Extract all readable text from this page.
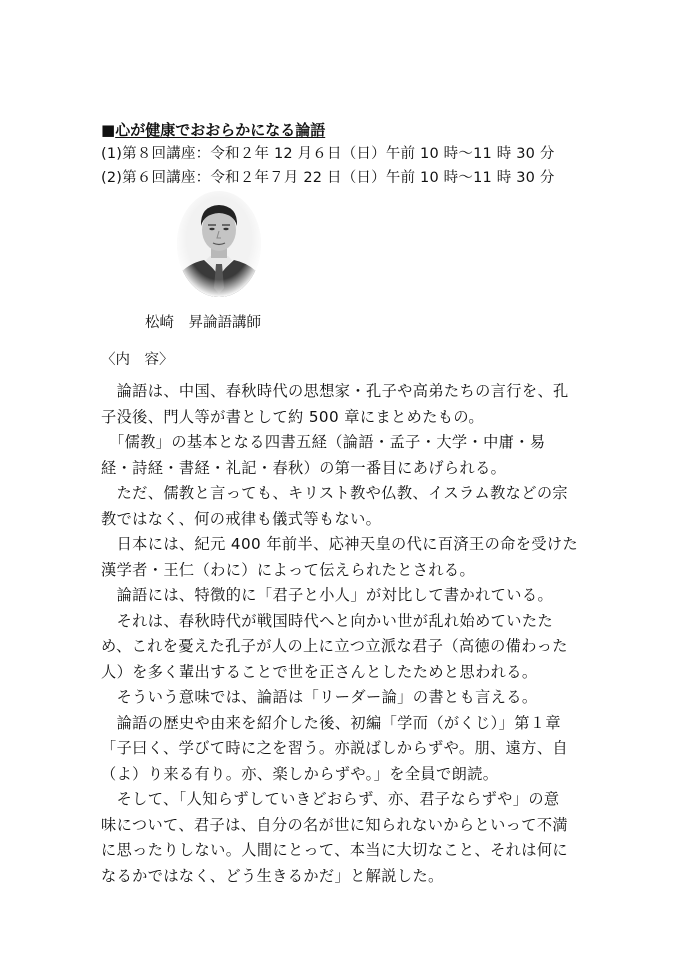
■心が健康でおおらかになる論語
(1)第８回講座：令和２年 12 月６日（日）午前 10 時～11 時 30 分
(2)第６回講座：令和２年７月 22 日（日）午前 10 時～11 時 30 分
松崎　昇論語講師
〈内　容〉
　論語は、中国、春秋時代の思想家・孔子や高弟たちの言行を、孔
子没後、門人等が書として約 500 章にまとめたもの。
　「儒教」の基本となる四書五経（論語・孟子・大学・中庸・易
経・詩経・書経・礼記・春秋）の第一番目にあげられる。
　ただ、儒教と言っても、キリスト教や仏教、イスラム教などの宗
教ではなく、何の戒律も儀式等もない。
　日本には、紀元 400 年前半、応神天皇の代に百済王の命を受けた
漢学者・王仁（わに）によって伝えられたとされる。
　論語には、特徴的に「君子と小人」が対比して書かれている。
　それは、春秋時代が戦国時代へと向かい世が乱れ始めていたた
め、これを憂えた孔子が人の上に立つ立派な君子（高徳の備わった
人）を多く輩出することで世を正さんとしたためと思われる。
　そういう意味では、論語は「リーダー論」の書とも言える。
　論語の歴史や由来を紹介した後、初編「学而（がくじ）」第１章
「子曰く、学びて時に之を習う。亦説ばしからずや。朋、遠方、自
（よ）り来る有り。亦、楽しからずや。」を全員で朗読。
　そして、「人知らずしていきどおらず、亦、君子ならずや」の意
味について、君子は、自分の名が世に知られないからといって不満
に思ったりしない。人間にとって、本当に大切なこと、それは何に
なるかではなく、どう生きるかだ」と解説した。
